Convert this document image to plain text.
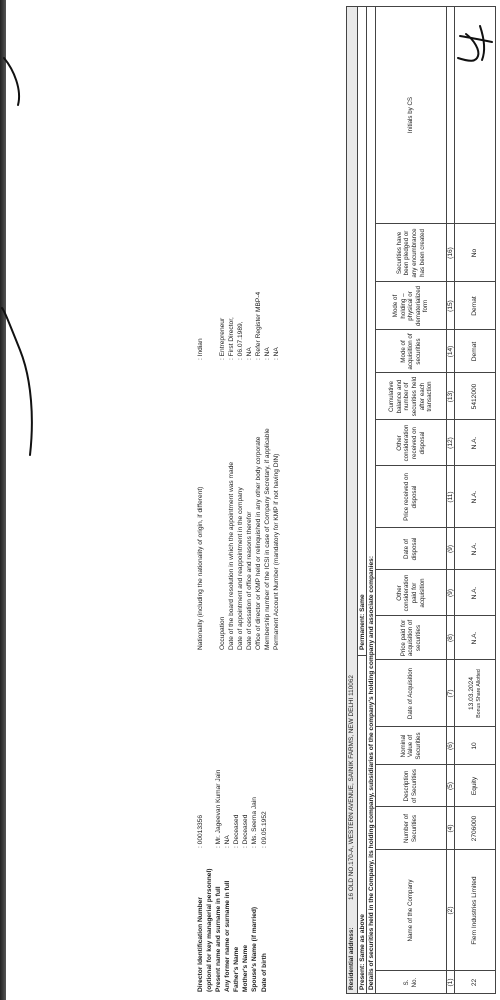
Director Identification Number
: 00013356
(optional for key managerial personnel) Present name and surname in full
: Mr. Jageevan Kumar Jain
Any former name or surname in full
: NA
Father's Name
: Deceased
Mother's Name
: Deceased
Spouse's Name (if married)
: Ms. Seema Jain
Date of birth
: 09.05.1952
Nationality (including the nationality of origin, if different)
: Indian
Occupation
: Entrepreneur
Date of the board resolution in which the appointment was made
: First Director,
Date of appointment and reappointment in the company
: 06.07.1989,
Date of cessation of office and reasons therefor
: NA
Office of director or KMP held or relinquished in any other body corporate
: Refer Register MBP-4
Membership number of the ICSI in case of Company Secretary, if applicable
: NA
Permanent Account Number (mandatory for KMP if not having DIN)
: NA
Residential address:
16 OLD NO.170-A, WESTERN AVENUE, SAINIK FARMS, NEW DELHI 110062
Present: Same as above
Permanent: Same Details of securities held in the Company, its holding company, subsidiaries of the company's holding company and associate companies:	S. No.
Name of the Company
Number of Securities
Description of Securities
Nominal Value of Securities
Date of Acquisition
Price paid for acquisition of securities
Other consideration paid for acquisition
Date of disposal
Price received on disposal
Other consideration received on disposal
Cumulative balance and number of securities held after each transaction
Mode of acquisition of securities
Mode of holding – physical or dematerialized form
Securities have been pledged or any encumbrance has been created
Initials by CS
(1)
(2)
(4)
(5)
(6)
(7)
(8)
(9)
(9)
(11)
(12)
(13)
(14)
(15)
(16)
22
Fiem Industries Limited
2706000
Equity
10
13.03.2024 Bonus Share Allotted
N.A.
N.A.
N.A.
N.A.
N.A.
5412000
Demat
Demat
No
